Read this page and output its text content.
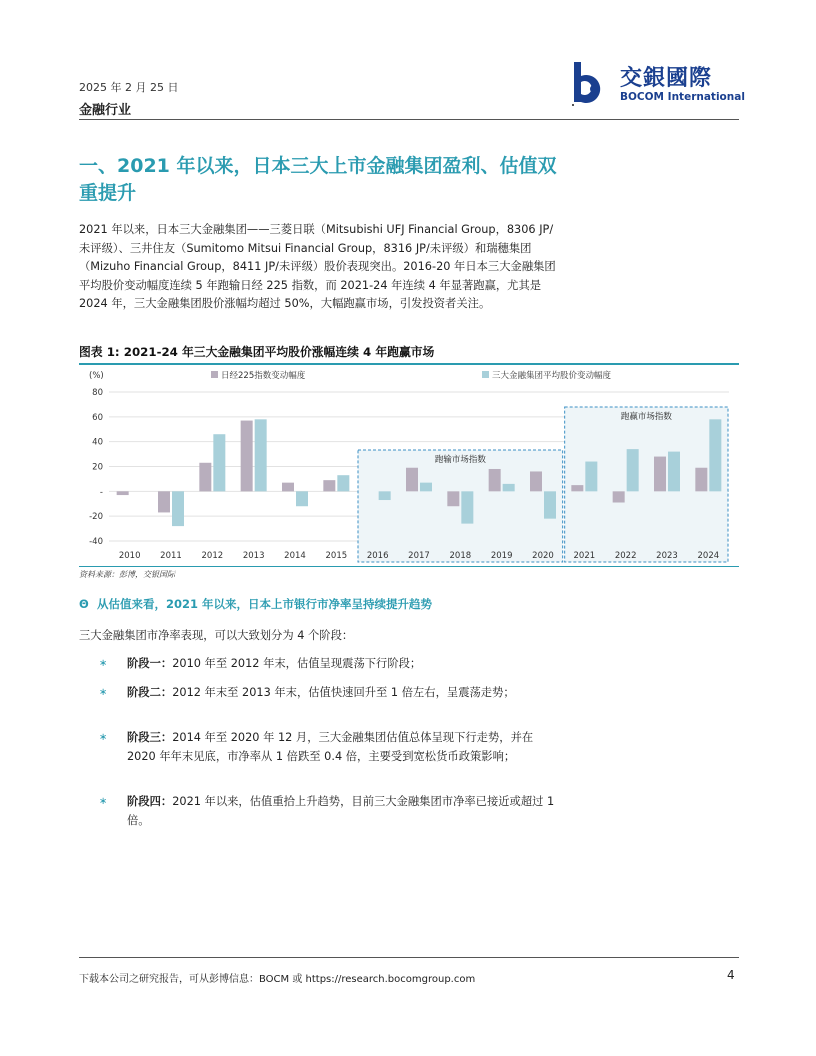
2025 年 2 月 25 日
金融行业
交銀國際
BOCOM International
一、2021 年以来，日本三大上市金融集团盈利、估值双重提升
2021 年以来，日本三大金融集团——三菱日联（Mitsubishi UFJ Financial Group，8306 JP/未评级）、三井住友（Sumitomo Mitsui Financial Group，8316 JP/未评级）和瑞穗集团（Mizuho Financial Group，8411 JP/未评级）股价表现突出。2016-20 年日本三大金融集团平均股价变动幅度连续 5 年跑输日经 225 指数，而 2021-24 年连续 4 年显著跑赢，尤其是 2024 年，三大金融集团股价涨幅均超过 50%，大幅跑赢市场，引发投资者关注。
图表 1: 2021-24 年三大金融集团平均股价涨幅连续 4 年跑赢市场
80
60
40
20
-
-20
-40
跑输市场指数
跑赢市场指数
2010 2011 2012 2013 2014 2015 2016 2017 2018 2019 2020 2021 2022 2023 2024
(%)	日经225指数变动幅度	三大金融集团平均股价变动幅度
资料来源：彭博，交银国际
Θ 从估值来看，2021 年以来，日本上市银行市净率呈持续提升趋势
三大金融集团市净率表现，可以大致划分为 4 个阶段：
∗ 阶段一：2010 年至 2012 年末，估值呈现震荡下行阶段；
∗ 阶段二：2012 年末至 2013 年末，估值快速回升至 1 倍左右，呈震荡走势；
∗ 阶段三：2014 年至 2020 年 12 月，三大金融集团估值总体呈现下行走势，并在 2020 年年末见底，市净率从 1 倍跌至 0.4 倍，主要受到宽松货币政策影响；
∗ 阶段四：2021 年以来，估值重拾上升趋势，目前三大金融集团市净率已接近或超过 1 倍。
下载本公司之研究报告，可从彭博信息：BOCM 或 https://research.bocomgroup.com	4
